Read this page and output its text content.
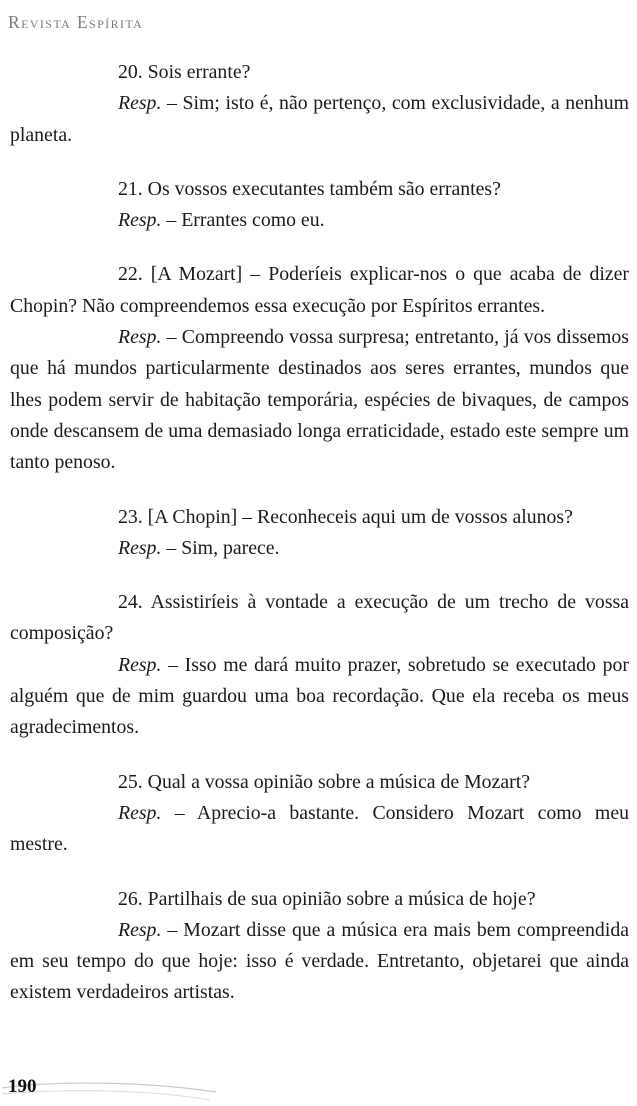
Revista Espírita

20. Sois errante?

Resp. – Sim; isto é, não pertenço, com exclusividade, a nenhum planeta.

21. Os vossos executantes também são errantes?

Resp. – Errantes como eu.

22. [A Mozart] – Poderíeis explicar-nos o que acaba de dizer Chopin? Não compreendemos essa execução por Espíritos errantes.

Resp. – Compreendo vossa surpresa; entretanto, já vos dissemos que há mundos particularmente destinados aos seres errantes, mundos que lhes podem servir de habitação temporária, espécies de bivaques, de campos onde descansem de uma demasiado longa erraticidade, estado este sempre um tanto penoso.

23. [A Chopin] – Reconheceis aqui um de vossos alunos?

Resp. – Sim, parece.

24. Assistiríeis à vontade a execução de um trecho de vossa composição?

Resp. – Isso me dará muito prazer, sobretudo se executado por alguém que de mim guardou uma boa recordação. Que ela receba os meus agradecimentos.

25. Qual a vossa opinião sobre a música de Mozart?

Resp. – Aprecio-a bastante. Considero Mozart como meu mestre.

26. Partilhais de sua opinião sobre a música de hoje?

Resp. – Mozart disse que a música era mais bem compreendida em seu tempo do que hoje: isso é verdade. Entretanto, objetarei que ainda existem verdadeiros artistas.

190
